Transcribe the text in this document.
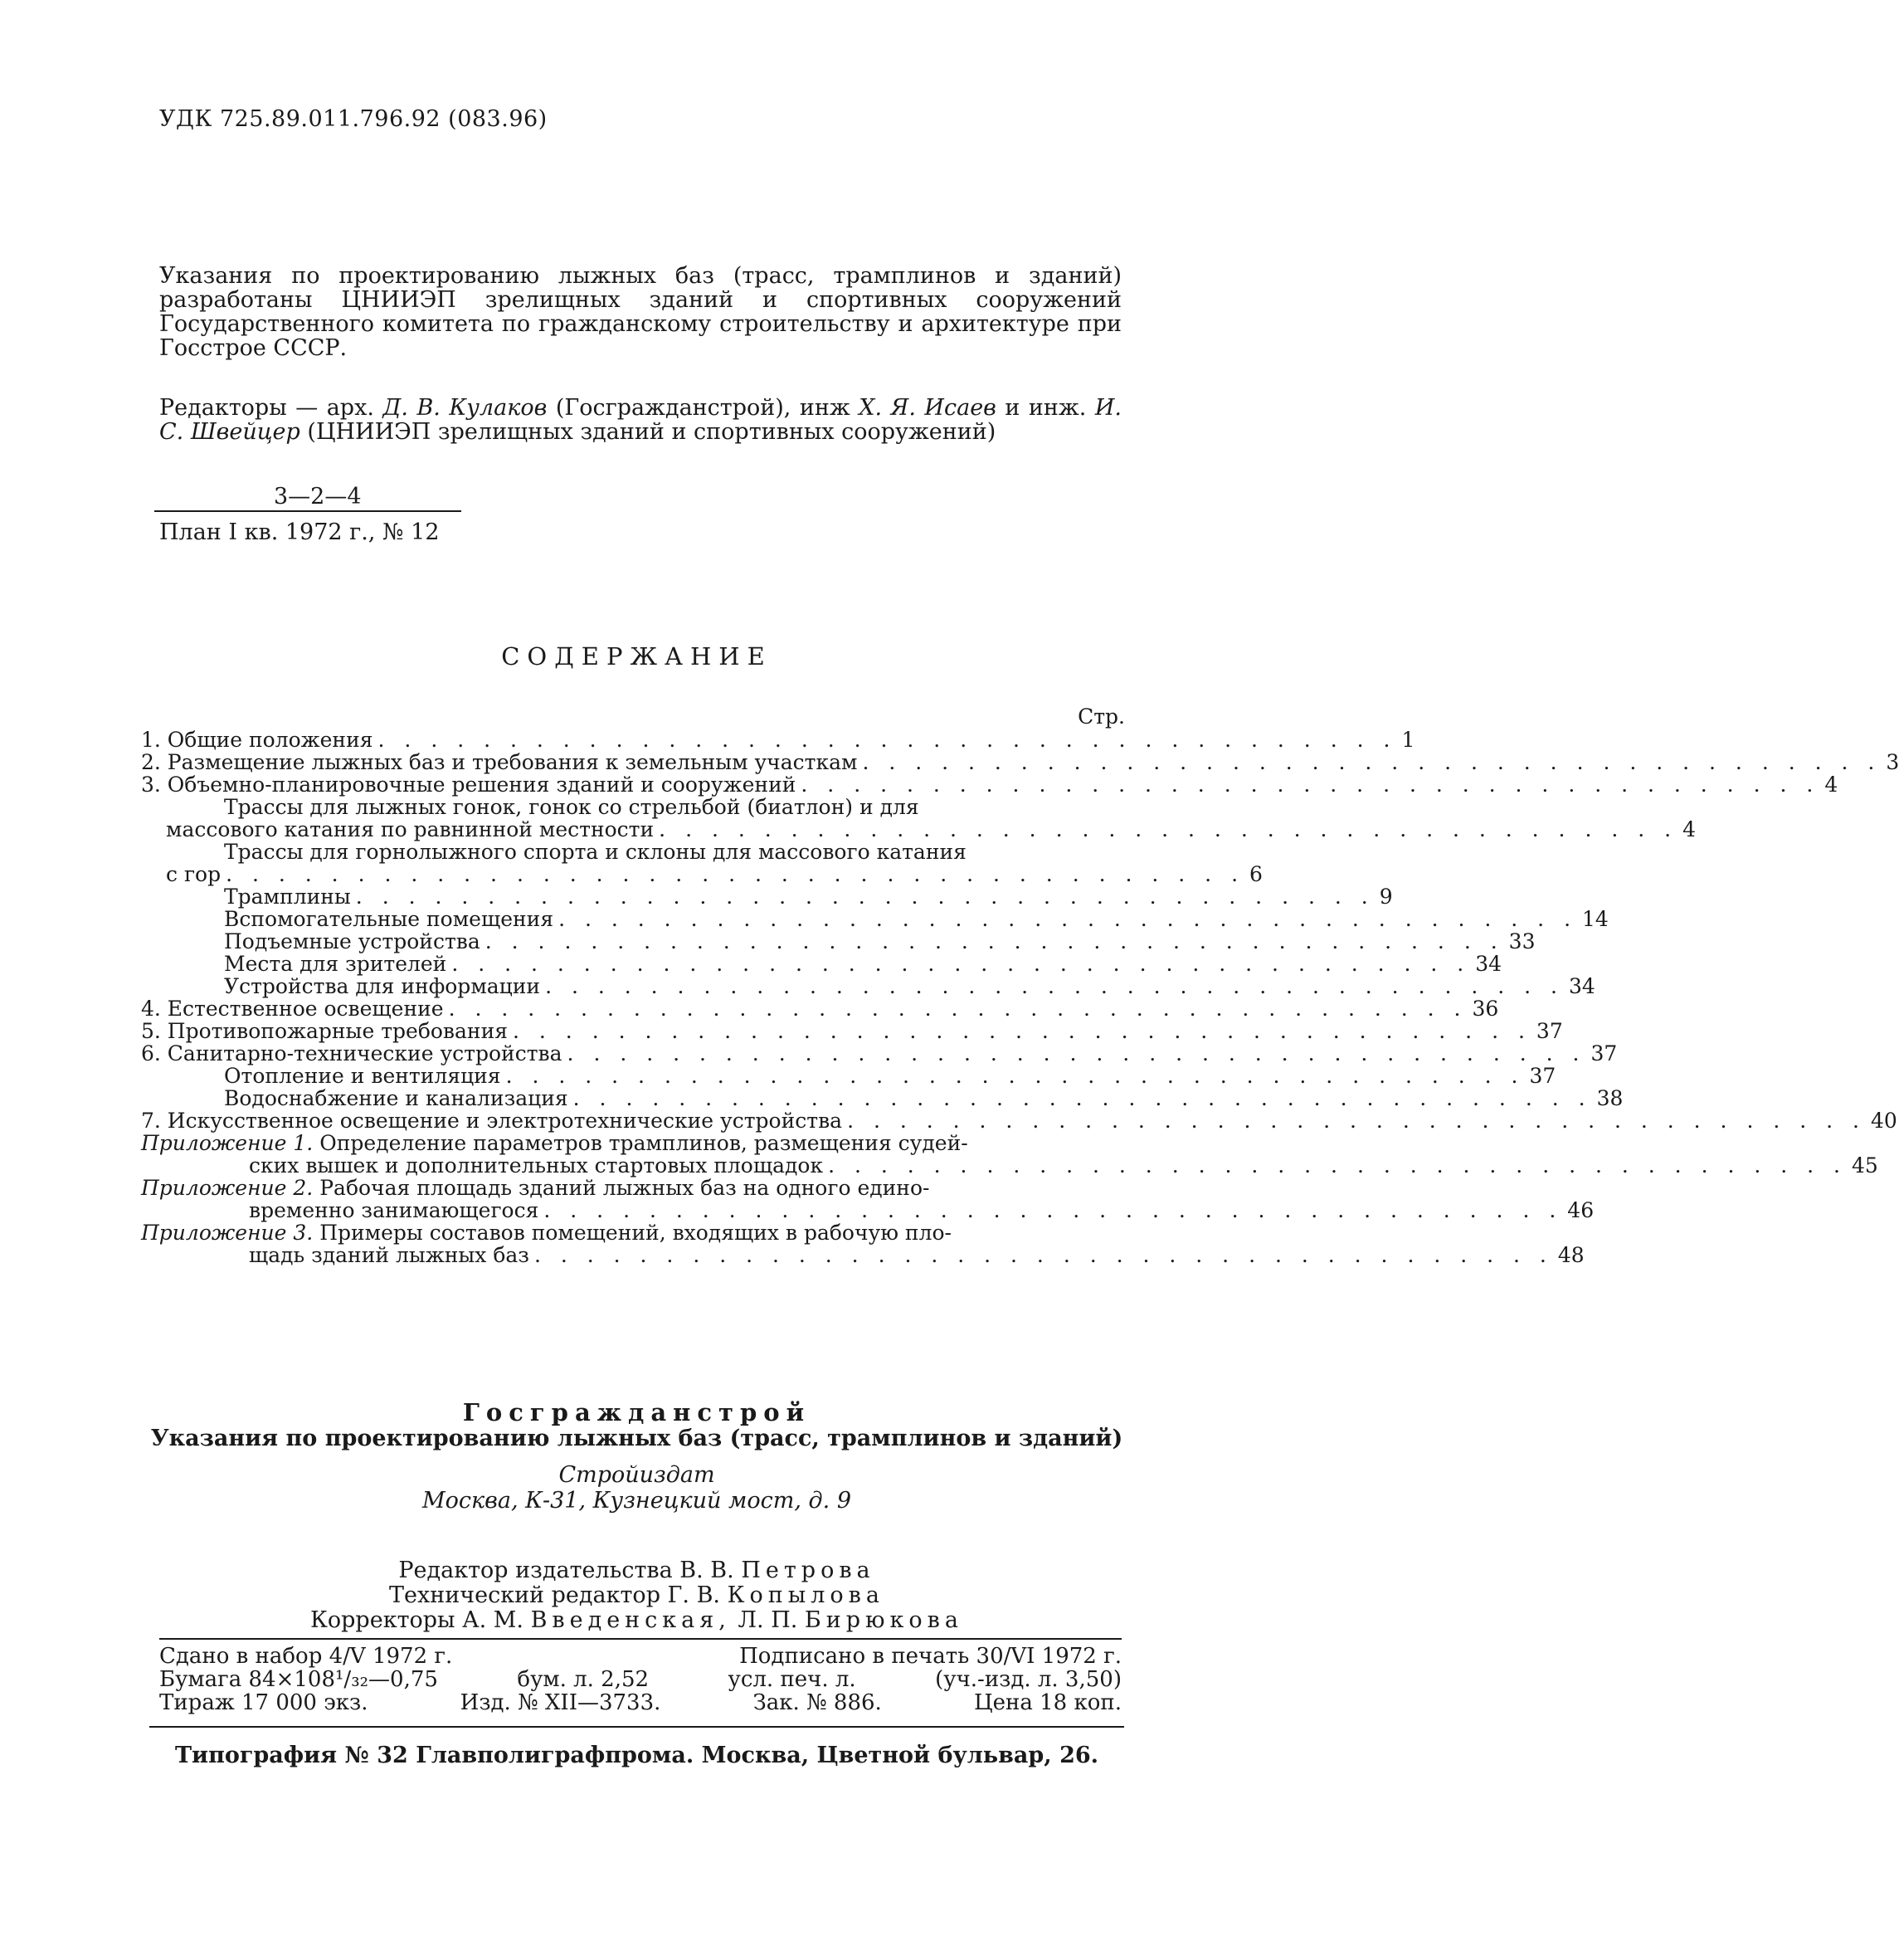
УДК 725.89.011.796.92 (083.96)

Указания по проектированию лыжных баз (трасс, трамплинов и зданий) разработаны ЦНИИЭП зрелищных зданий и спортивных сооружений Государственного комитета по гражданскому строительству и архитектуре при Госстрое СССР.

Редакторы — арх. Д. В. Кулаков (Госгражданстрой), инж X. Я. Исаев и инж. И. С. Швейцер (ЦНИИЭП зрелищных зданий и спортивных сооружений)

3—2—4
План I кв. 1972 г., № 12
СОДЕРЖАНИЕ
Стр.
1. Общие положения . . . . . . . . . . . . . . . . . . . . . . . . . . . . . . . . . . . . . . . 1
2. Размещение лыжных баз и требования к земельным участкам . . . . . . . . . . . . . . . . . . . . . . . . . . . . . . . . . . . . . . . 3
3. Объемно-планировочные решения зданий и сооружений . . . . . . . . . . . . . . . . . . . . . . . . . . . . . . . . . . . . . . . 4
Трассы для лыжных гонок, гонок со стрельбой (биатлон) и для
массового катания по равнинной местности . . . . . . . . . . . . . . . . . . . . . . . . . . . . . . . . . . . . . . . 4
Трассы для горнолыжного спорта и склоны для массового катания
с гор . . . . . . . . . . . . . . . . . . . . . . . . . . . . . . . . . . . . . . . 6
Трамплины . . . . . . . . . . . . . . . . . . . . . . . . . . . . . . . . . . . . . . . 9
Вспомогательные помещения . . . . . . . . . . . . . . . . . . . . . . . . . . . . . . . . . . . . . . . 14
Подъемные устройства . . . . . . . . . . . . . . . . . . . . . . . . . . . . . . . . . . . . . . . 33
Места для зрителей . . . . . . . . . . . . . . . . . . . . . . . . . . . . . . . . . . . . . . . 34
Устройства для информации . . . . . . . . . . . . . . . . . . . . . . . . . . . . . . . . . . . . . . . 34
4. Естественное освещение . . . . . . . . . . . . . . . . . . . . . . . . . . . . . . . . . . . . . . . 36
5. Противопожарные требования . . . . . . . . . . . . . . . . . . . . . . . . . . . . . . . . . . . . . . . 37
6. Санитарно-технические устройства . . . . . . . . . . . . . . . . . . . . . . . . . . . . . . . . . . . . . . . 37
Отопление и вентиляция . . . . . . . . . . . . . . . . . . . . . . . . . . . . . . . . . . . . . . . 37
Водоснабжение и канализация . . . . . . . . . . . . . . . . . . . . . . . . . . . . . . . . . . . . . . . 38
7. Искусственное освещение и электротехнические устройства . . . . . . . . . . . . . . . . . . . . . . . . . . . . . . . . . . . . . . . 40
Приложение 1. Определение параметров трамплинов, размещения судей-
ских вышек и дополнительных стартовых площадок . . . . . . . . . . . . . . . . . . . . . . . . . . . . . . . . . . . . . . . 45
Приложение 2. Рабочая площадь зданий лыжных баз на одного едино-
временно занимающегося . . . . . . . . . . . . . . . . . . . . . . . . . . . . . . . . . . . . . . . 46
Приложение 3. Примеры составов помещений, входящих в рабочую пло-
щадь зданий лыжных баз . . . . . . . . . . . . . . . . . . . . . . . . . . . . . . . . . . . . . . . 48
Госгражданстрой
Указания по проектированию лыжных баз (трасс, трамплинов и зданий)
Стройиздат
Москва, К-31, Кузнецкий мост, д. 9
Редактор издательства В. В. Петрова
Технический редактор Г. В. Копылова
Корректоры А. М. Введенская, Л. П. Бирюкова
Сдано в набор 4/V 1972 г.	Подписано в печать 30/VI 1972 г.
Бумага 84×108¹/₃₂—0,75	бум. л. 2,52	усл. печ. л.	(уч.-изд. л. 3,50)
Тираж 17 000 экз.	Изд. № XII—3733.	Зак. № 886.	Цена 18 коп.
Типография № 32 Главполиграфпрома. Москва, Цветной бульвар, 26.
